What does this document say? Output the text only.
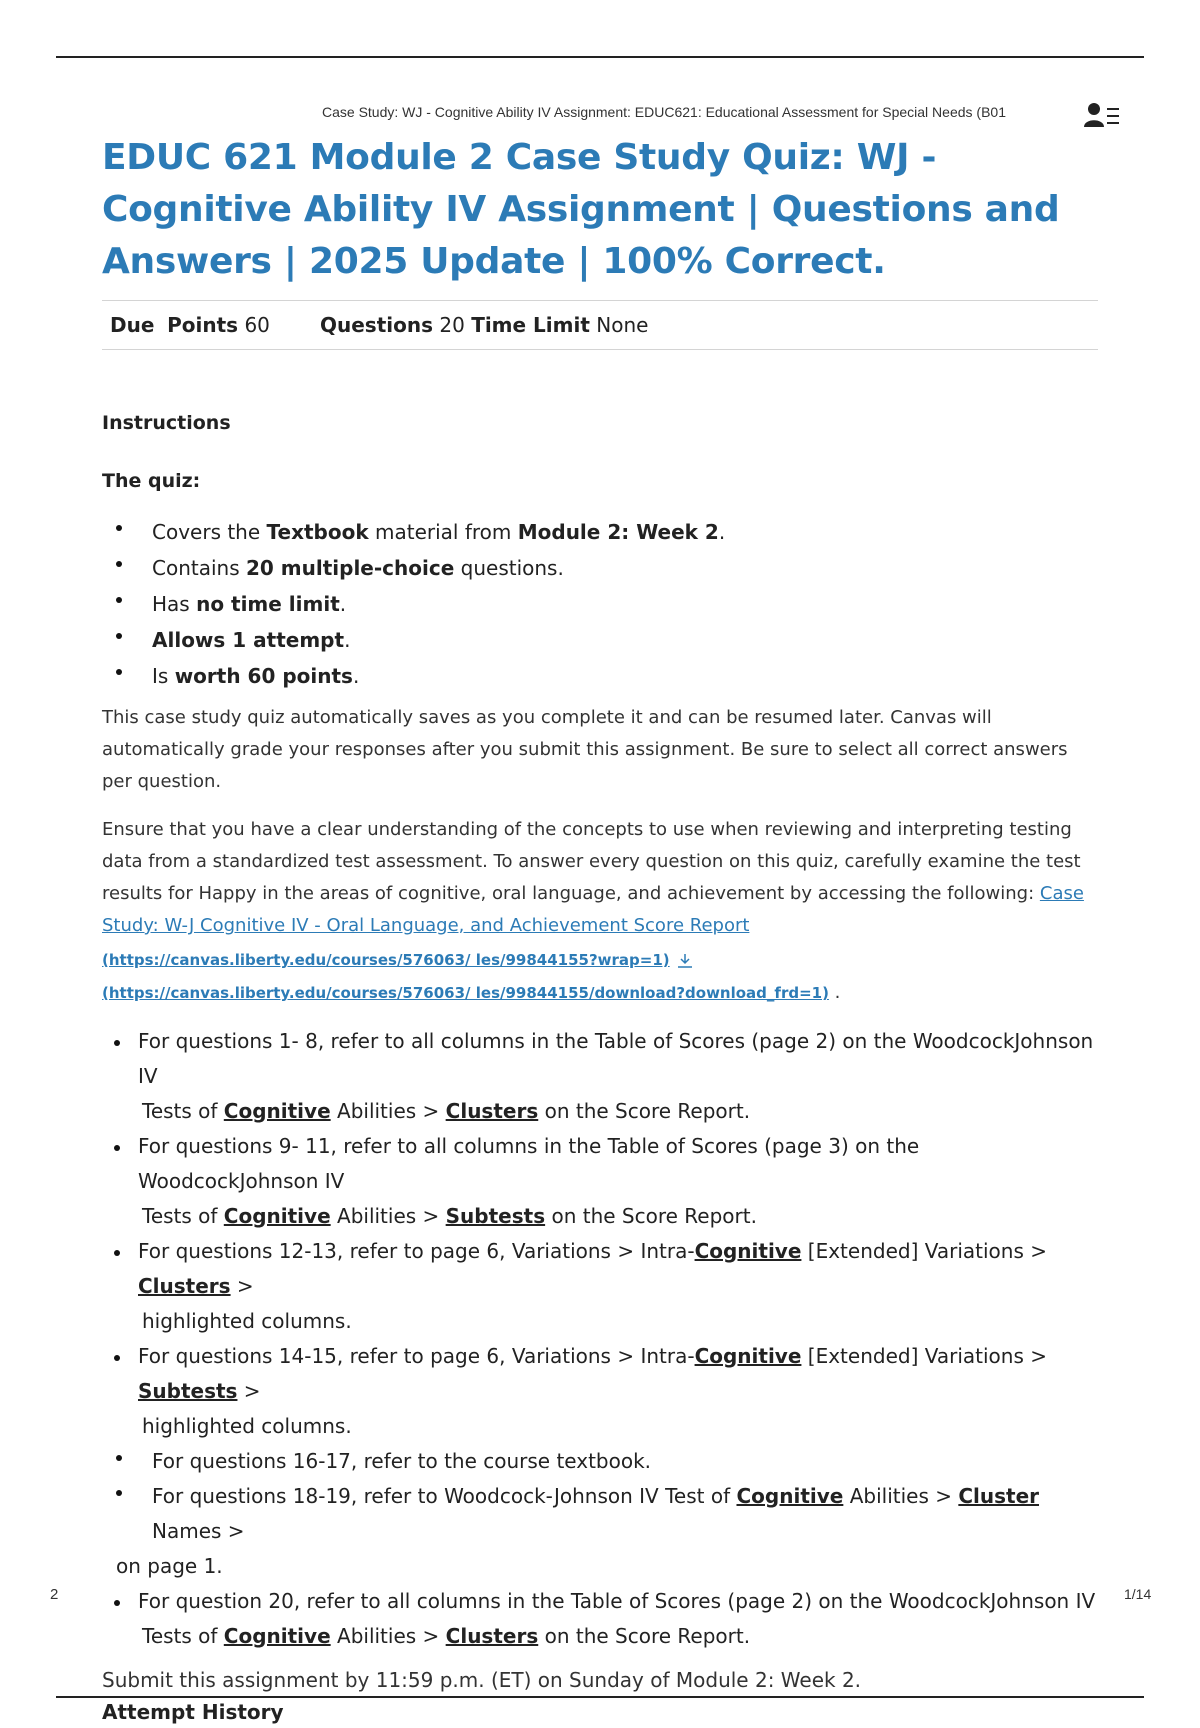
Case Study: WJ - Cognitive Ability IV Assignment: EDUC621: Educational Assessment for Special Needs (B01
EDUC 621 Module 2 Case Study Quiz: WJ - Cognitive Ability IV Assignment | Questions and Answers | 2025 Update | 100% Correct.
Due Points 60	Questions 20 Time Limit None
Instructions
The quiz:
Covers the Textbook material from Module 2: Week 2.
Contains 20 multiple-choice questions.
Has no time limit.
Allows 1 attempt.
Is worth 60 points.

This case study quiz automatically saves as you complete it and can be resumed later. Canvas will automatically grade your responses after you submit this assignment. Be sure to select all correct answers per question.

Ensure that you have a clear understanding of the concepts to use when reviewing and interpreting testing data from a standardized test assessment. To answer every question on this quiz, carefully examine the test results for Happy in the areas of cognitive, oral language, and achievement by accessing the following: Case Study: W-J Cognitive IV - Oral Language, and Achievement Score Report
(https://canvas.liberty.edu/courses/576063/ les/99844155?wrap=1)
(https://canvas.liberty.edu/courses/576063/ les/99844155/download?download_frd=1) .

For questions 1- 8, refer to all columns in the Table of Scores (page 2) on the WoodcockJohnson IV
Tests of Cognitive Abilities > Clusters on the Score Report.
For questions 9- 11, refer to all columns in the Table of Scores (page 3) on the WoodcockJohnson IV
Tests of Cognitive Abilities > Subtests on the Score Report.
For questions 12-13, refer to page 6, Variations > Intra-Cognitive [Extended] Variations > Clusters >
highlighted columns.
For questions 14-15, refer to page 6, Variations > Intra-Cognitive [Extended] Variations > Subtests >
highlighted columns.
For questions 16-17, refer to the course textbook.
For questions 18-19, refer to Woodcock-Johnson IV Test of Cognitive Abilities > Cluster Names >
on page 1.
For question 20, refer to all columns in the Table of Scores (page 2) on the WoodcockJohnson IV
Tests of Cognitive Abilities > Clusters on the Score Report.

Submit this assignment by 11:59 p.m. (ET) on Sunday of Module 2: Week 2.

Attempt History
2	1/14
